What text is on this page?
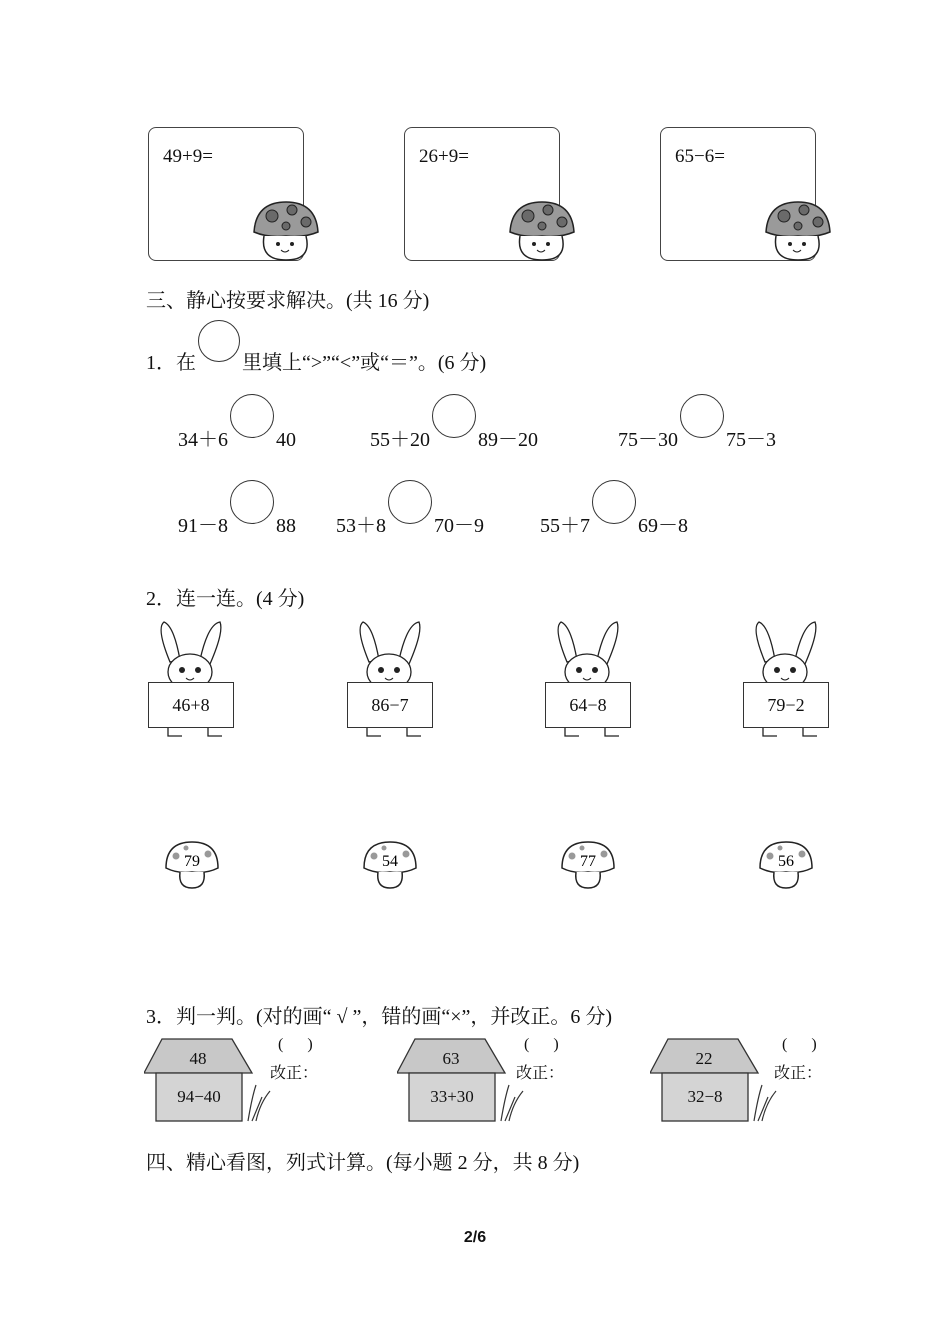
49+9=	26+9=	65−6=
三、静心按要求解决。(共 16 分)
1．在 里填上“>”“<”或“＝”。(6 分)
34＋6 40	55＋20 89－20	75－30 75－3
91－8 88 53＋8 70－9	55＋7 69－8
2．连一连。(4 分)
46+8	86−7	64−8	79−2
79	54	77	56
3．判一判。(对的画“ √ ”，错的画“×”，并改正。6 分)
48
94−40
(      )
改正：
63
33+30
(      )
改正：
22
32−8
(      )
改正：
四、精心看图，列式计算。(每小题 2 分，共 8 分)
2/6
